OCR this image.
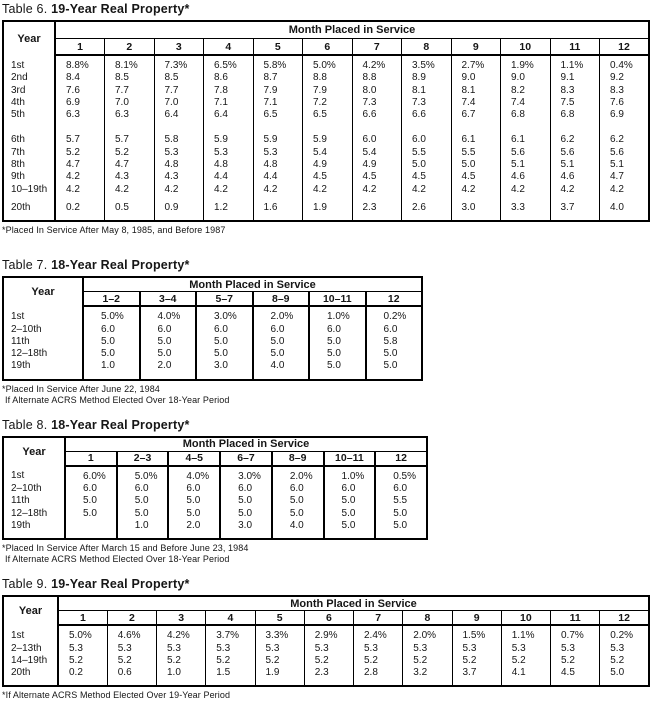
Table 6. 19-Year Real Property*
Year	Month Placed in Service											
	1	2	3	4	5	6	7	8	9	10	11	12
1st	8.8%	8.1%	7.3%	6.5%	5.8%	5.0%	4.2%	3.5%	2.7%	1.9%	1.1%	0.4%
2nd	8.4	8.5	8.5	8.6	8.7	8.8	8.8	8.9	9.0	9.0	9.1	9.2
3rd	7.6	7.7	7.7	7.8	7.9	7.9	8.0	8.1	8.1	8.2	8.3	8.3
4th	6.9	7.0	7.0	7.1	7.1	7.2	7.3	7.3	7.4	7.4	7.5	7.6
5th	6.3	6.3	6.4	6.4	6.5	6.5	6.6	6.6	6.7	6.8	6.8	6.9
6th	5.7	5.7	5.8	5.9	5.9	5.9	6.0	6.0	6.1	6.1	6.2	6.2
7th	5.2	5.2	5.3	5.3	5.3	5.4	5.4	5.5	5.5	5.6	5.6	5.6
8th	4.7	4.7	4.8	4.8	4.8	4.9	4.9	5.0	5.0	5.1	5.1	5.1
9th	4.2	4.3	4.3	4.4	4.4	4.5	4.5	4.5	4.5	4.6	4.6	4.7
10–19th	4.2	4.2	4.2	4.2	4.2	4.2	4.2	4.2	4.2	4.2	4.2	4.2
20th	0.2	0.5	0.9	1.2	1.6	1.9	2.3	2.6	3.0	3.3	3.7	4.0
*Placed In Service After May 8, 1985, and Before 1987
Table 7. 18-Year Real Property*
Year	Month Placed in Service					
	1–2	3–4	5–7	8–9	10–11	12
1st	5.0%	4.0%	3.0%	2.0%	1.0%	0.2%
2–10th	6.0	6.0	6.0	6.0	6.0	6.0
11th	5.0	5.0	5.0	5.0	5.0	5.8
12–18th	5.0	5.0	5.0	5.0	5.0	5.0
19th	1.0	2.0	3.0	4.0	5.0	5.0
*Placed In Service After June 22, 1984
If Alternate ACRS Method Elected Over 18-Year Period
Table 8. 18-Year Real Property*
Year	Month Placed in Service						
	1	2–3	4–5	6–7	8–9	10–11	12
1st	6.0%	5.0%	4.0%	3.0%	2.0%	1.0%	0.5%
2–10th	6.0	6.0	6.0	6.0	6.0	6.0	6.0
11th	5.0	5.0	5.0	5.0	5.0	5.0	5.5
12–18th	5.0	5.0	5.0	5.0	5.0	5.0	5.0
19th		1.0	2.0	3.0	4.0	5.0	5.0
*Placed In Service After March 15 and Before June 23, 1984
If Alternate ACRS Method Elected Over 18-Year Period
Table 9. 19-Year Real Property*
Year	Month Placed in Service											
	1	2	3	4	5	6	7	8	9	10	11	12
1st	5.0%	4.6%	4.2%	3.7%	3.3%	2.9%	2.4%	2.0%	1.5%	1.1%	0.7%	0.2%
2–13th	5.3	5.3	5.3	5.3	5.3	5.3	5.3	5.3	5.3	5.3	5.3	5.3
14–19th	5.2	5.2	5.2	5.2	5.2	5.2	5.2	5.2	5.2	5.2	5.2	5.2
20th	0.2	0.6	1.0	1.5	1.9	2.3	2.8	3.2	3.7	4.1	4.5	5.0
*If Alternate ACRS Method Elected Over 19-Year Period
